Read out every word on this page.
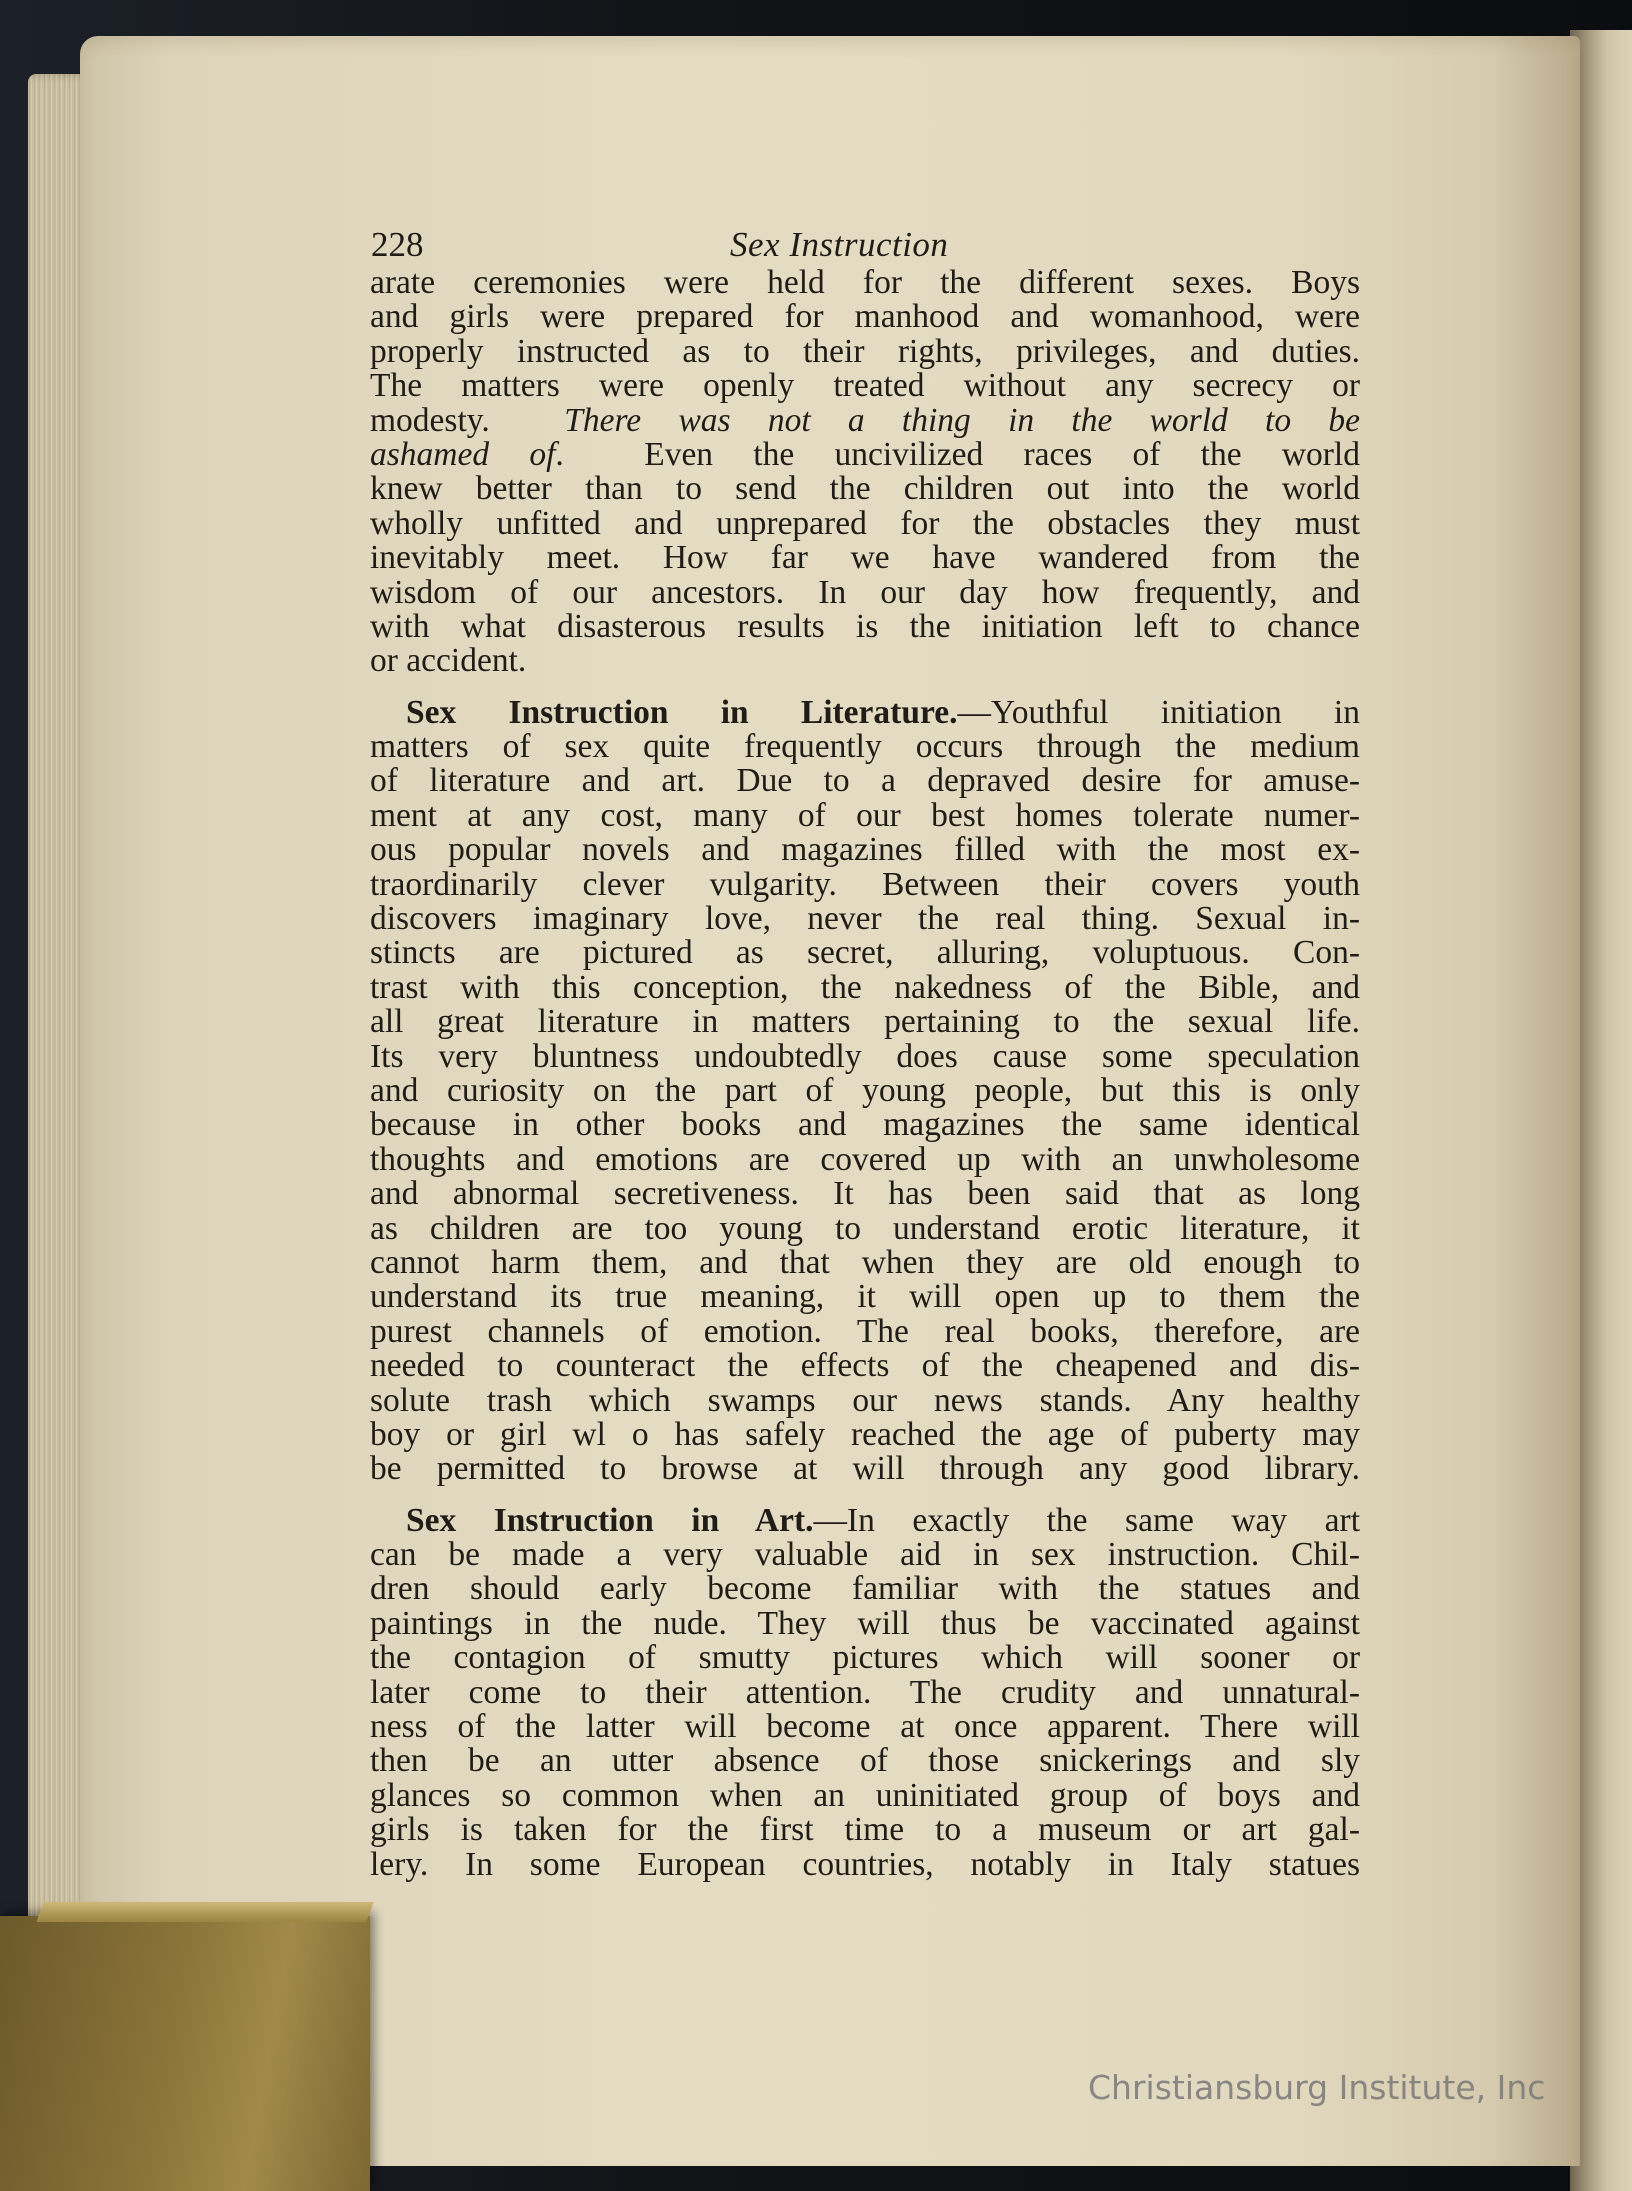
228	Sex Instruction
arate ceremonies were held for the different sexes. Boys
and girls were prepared for manhood and womanhood, were
properly instructed as to their rights, privileges, and duties.
The matters were openly treated without any secrecy or
modesty.  There was not a thing in the world to be
ashamed of.  Even the uncivilized races of the world
knew better than to send the children out into the world
wholly unfitted and unprepared for the obstacles they must
inevitably meet. How far we have wandered from the
wisdom of our ancestors. In our day how frequently, and
with what disasterous results is the initiation left to chance
or accident.
Sex Instruction in Literature.—Youthful initiation in
matters of sex quite frequently occurs through the medium
of literature and art. Due to a depraved desire for amuse-
ment at any cost, many of our best homes tolerate numer-
ous popular novels and magazines filled with the most ex-
traordinarily clever vulgarity. Between their covers youth
discovers imaginary love, never the real thing. Sexual in-
stincts are pictured as secret, alluring, voluptuous. Con-
trast with this conception, the nakedness of the Bible, and
all great literature in matters pertaining to the sexual life.
Its very bluntness undoubtedly does cause some speculation
and curiosity on the part of young people, but this is only
because in other books and magazines the same identical
thoughts and emotions are covered up with an unwholesome
and abnormal secretiveness. It has been said that as long
as children are too young to understand erotic literature, it
cannot harm them, and that when they are old enough to
understand its true meaning, it will open up to them the
purest channels of emotion. The real books, therefore, are
needed to counteract the effects of the cheapened and dis-
solute trash which swamps our news stands. Any healthy
boy or girl wl o has safely reached the age of puberty may
be permitted to browse at will through any good library.
Sex Instruction in Art.—In exactly the same way art
can be made a very valuable aid in sex instruction. Chil-
dren should early become familiar with the statues and
paintings in the nude. They will thus be vaccinated against
the contagion of smutty pictures which will sooner or
later come to their attention. The crudity and unnatural-
ness of the latter will become at once apparent. There will
then be an utter absence of those snickerings and sly
glances so common when an uninitiated group of boys and
girls is taken for the first time to a museum or art gal-
lery. In some European countries, notably in Italy statues
Christiansburg Institute, Inc
